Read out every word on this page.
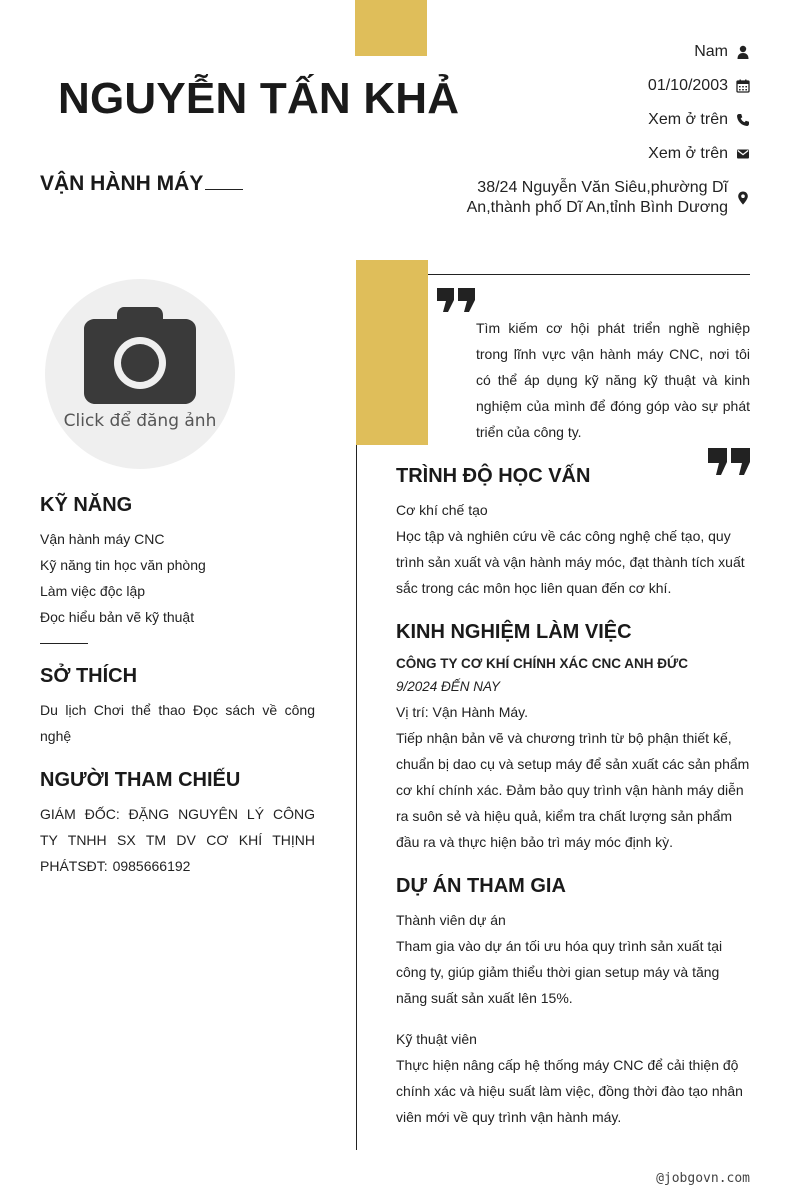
NGUYỄN TẤN KHẢ
VẬN HÀNH MÁY
Nam
01/10/2003
Xem ở trên
Xem ở trên
38/24 Nguyễn Văn Siêu,phường Dĩ
An,thành phố Dĩ An,tỉnh Bình Dương
Click để đăng ảnh
Tìm kiếm cơ hội phát triển nghề nghiệp trong lĩnh vực vận hành máy CNC, nơi tôi có thể áp dụng kỹ năng kỹ thuật và kinh nghiệm của mình để đóng góp vào sự phát triển của công ty.
KỸ NĂNG
Vận hành máy CNC
Kỹ năng tin học văn phòng
Làm việc độc lập
Đọc hiểu bản vẽ kỹ thuật
SỞ THÍCH
Du lịch Chơi thể thao Đọc sách về công nghệ
NGƯỜI THAM CHIẾU
GIÁM ĐỐC: ĐẶNG NGUYÊN LÝ CÔNG TY TNHH SX TM DV CƠ KHÍ THỊNH PHÁTSĐT: 0985666192
TRÌNH ĐỘ HỌC VẤN
Cơ khí chế tạo
Học tập và nghiên cứu về các công nghệ chế tạo, quy trình sản xuất và vận hành máy móc, đạt thành tích xuất sắc trong các môn học liên quan đến cơ khí.
KINH NGHIỆM LÀM VIỆC
CÔNG TY CƠ KHÍ CHÍNH XÁC CNC ANH ĐỨC
9/2024 ĐẾN NAY
Vị trí: Vận Hành Máy.
Tiếp nhận bản vẽ và chương trình từ bộ phận thiết kế, chuẩn bị dao cụ và setup máy để sản xuất các sản phẩm cơ khí chính xác. Đảm bảo quy trình vận hành máy diễn ra suôn sẻ và hiệu quả, kiểm tra chất lượng sản phẩm đầu ra và thực hiện bảo trì máy móc định kỳ.
DỰ ÁN THAM GIA
Thành viên dự án
Tham gia vào dự án tối ưu hóa quy trình sản xuất tại công ty, giúp giảm thiểu thời gian setup máy và tăng năng suất sản xuất lên 15%.
Kỹ thuật viên
Thực hiện nâng cấp hệ thống máy CNC để cải thiện độ chính xác và hiệu suất làm việc, đồng thời đào tạo nhân viên mới về quy trình vận hành máy.
@jobgovn.com
